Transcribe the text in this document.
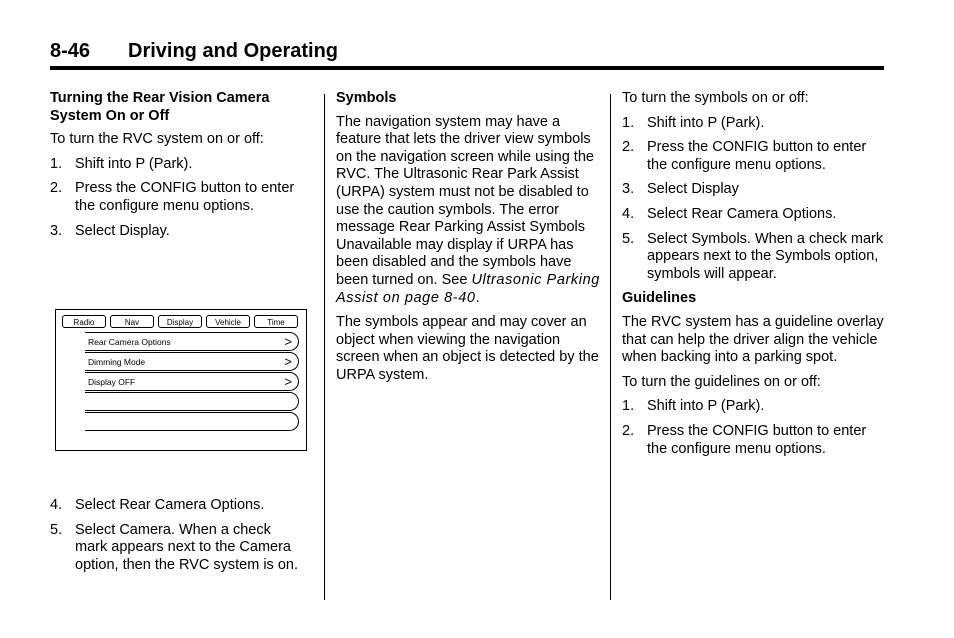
8-46 Driving and Operating
Turning the Rear Vision Camera System On or Off

To turn the RVC system on or off:

1. Shift into P (Park).
2. Press the CONFIG button to enter the configure menu options.
3. Select Display.
4. Select Rear Camera Options.
5. Select Camera. When a check mark appears next to the Camera option, then the RVC system is on.
Radio	Nav	Display	Vehicle	Time
Rear Camera Options	>
Dimming Mode	>
Display OFF	>
Symbols

The navigation system may have a feature that lets the driver view symbols on the navigation screen while using the RVC. The Ultrasonic Rear Park Assist (URPA) system must not be disabled to use the caution symbols. The error message Rear Parking Assist Symbols Unavailable may display if URPA has been disabled and the symbols have been turned on. See Ultrasonic Parking Assist on page 8-40.

The symbols appear and may cover an object when viewing the navigation screen when an object is detected by the URPA system.

To turn the symbols on or off:

1. Shift into P (Park).
2. Press the CONFIG button to enter the configure menu options.
3. Select Display
4. Select Rear Camera Options.
5. Select Symbols. When a check mark appears next to the Symbols option, symbols will appear.
Guidelines

The RVC system has a guideline overlay that can help the driver align the vehicle when backing into a parking spot.

To turn the guidelines on or off:

1. Shift into P (Park).
2. Press the CONFIG button to enter the configure menu options.
